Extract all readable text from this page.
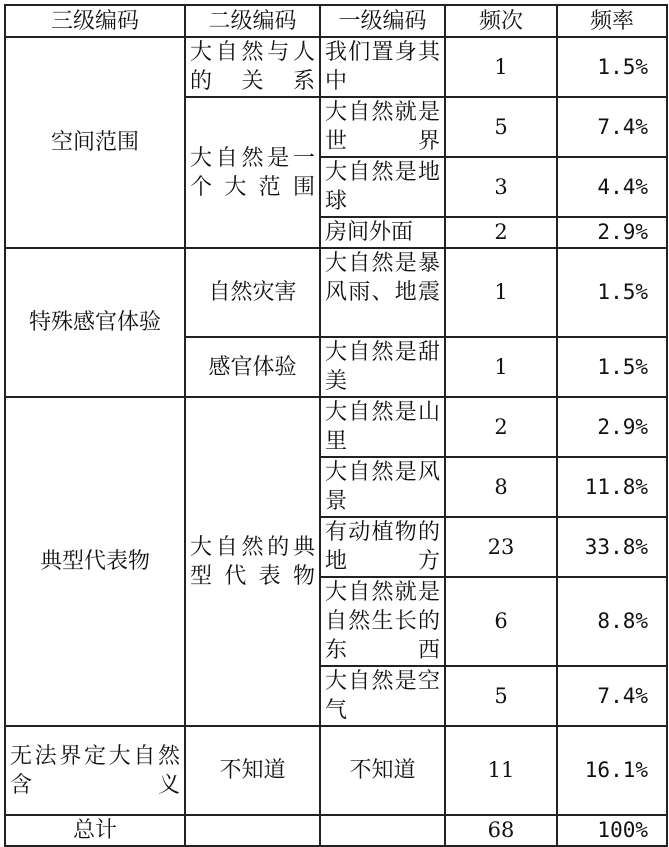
三级编码	二级编码	一级编码	频次	频率
空间范围	大自然与人的关系	我们置身其中	1	1.5%
	大自然是一个大范围	大自然就是世界	5	7.4%
		大自然是地球	3	4.4%
		房间外面	2	2.9%
特殊感官体验	自然灾害	大自然是暴风雨、地震	1	1.5%
	感官体验	大自然是甜美	1	1.5%
典型代表物	大自然的典型代表物	大自然是山里	2	2.9%
		大自然是风景	8	11.8%
		有动植物的地方	23	33.8%
		大自然就是自然生长的东西	6	8.8%
		大自然是空气	5	7.4%
无法界定大自然含义	不知道	不知道	11	16.1%
总计			68	100%
